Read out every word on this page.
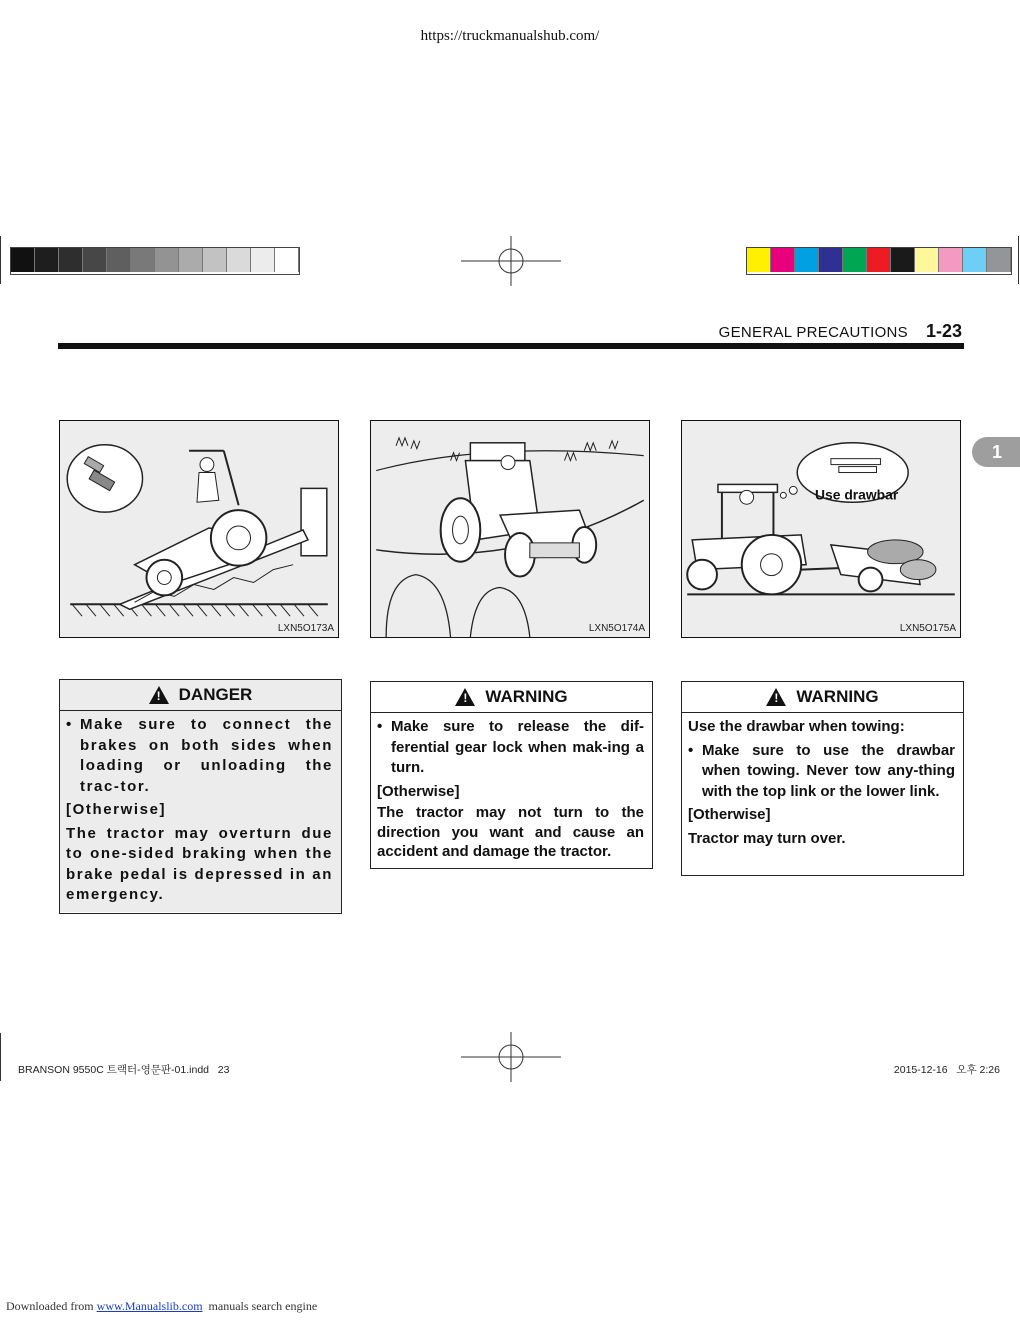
https://truckmanualshub.com/
GENERAL PRECAUTIONS 1-23
1
LXN5O173A	LXN5O174A
Use drawbar
LXN5O175A
!
DANGER
• Make sure to connect the brakes on both sides when loading or unloading the trac-tor.
[Otherwise]
The tractor may overturn due to one-sided braking when the brake pedal is depressed in an emergency.
!
WARNING
• Make sure to release the dif-ferential gear lock when mak-ing a turn.
[Otherwise]
The tractor may not turn to the direction you want and cause an accident and damage the tractor.
!
WARNING
Use the drawbar when towing:
• Make sure to use the drawbar when towing. Never tow any-thing with the top link or the lower link.
[Otherwise]
Tractor may turn over.
BRANSON 9550C 트랙터-영문판-01.indd   23	2015-12-16   오후 2:26
Downloaded from www.Manualslib.com  manuals search engine
